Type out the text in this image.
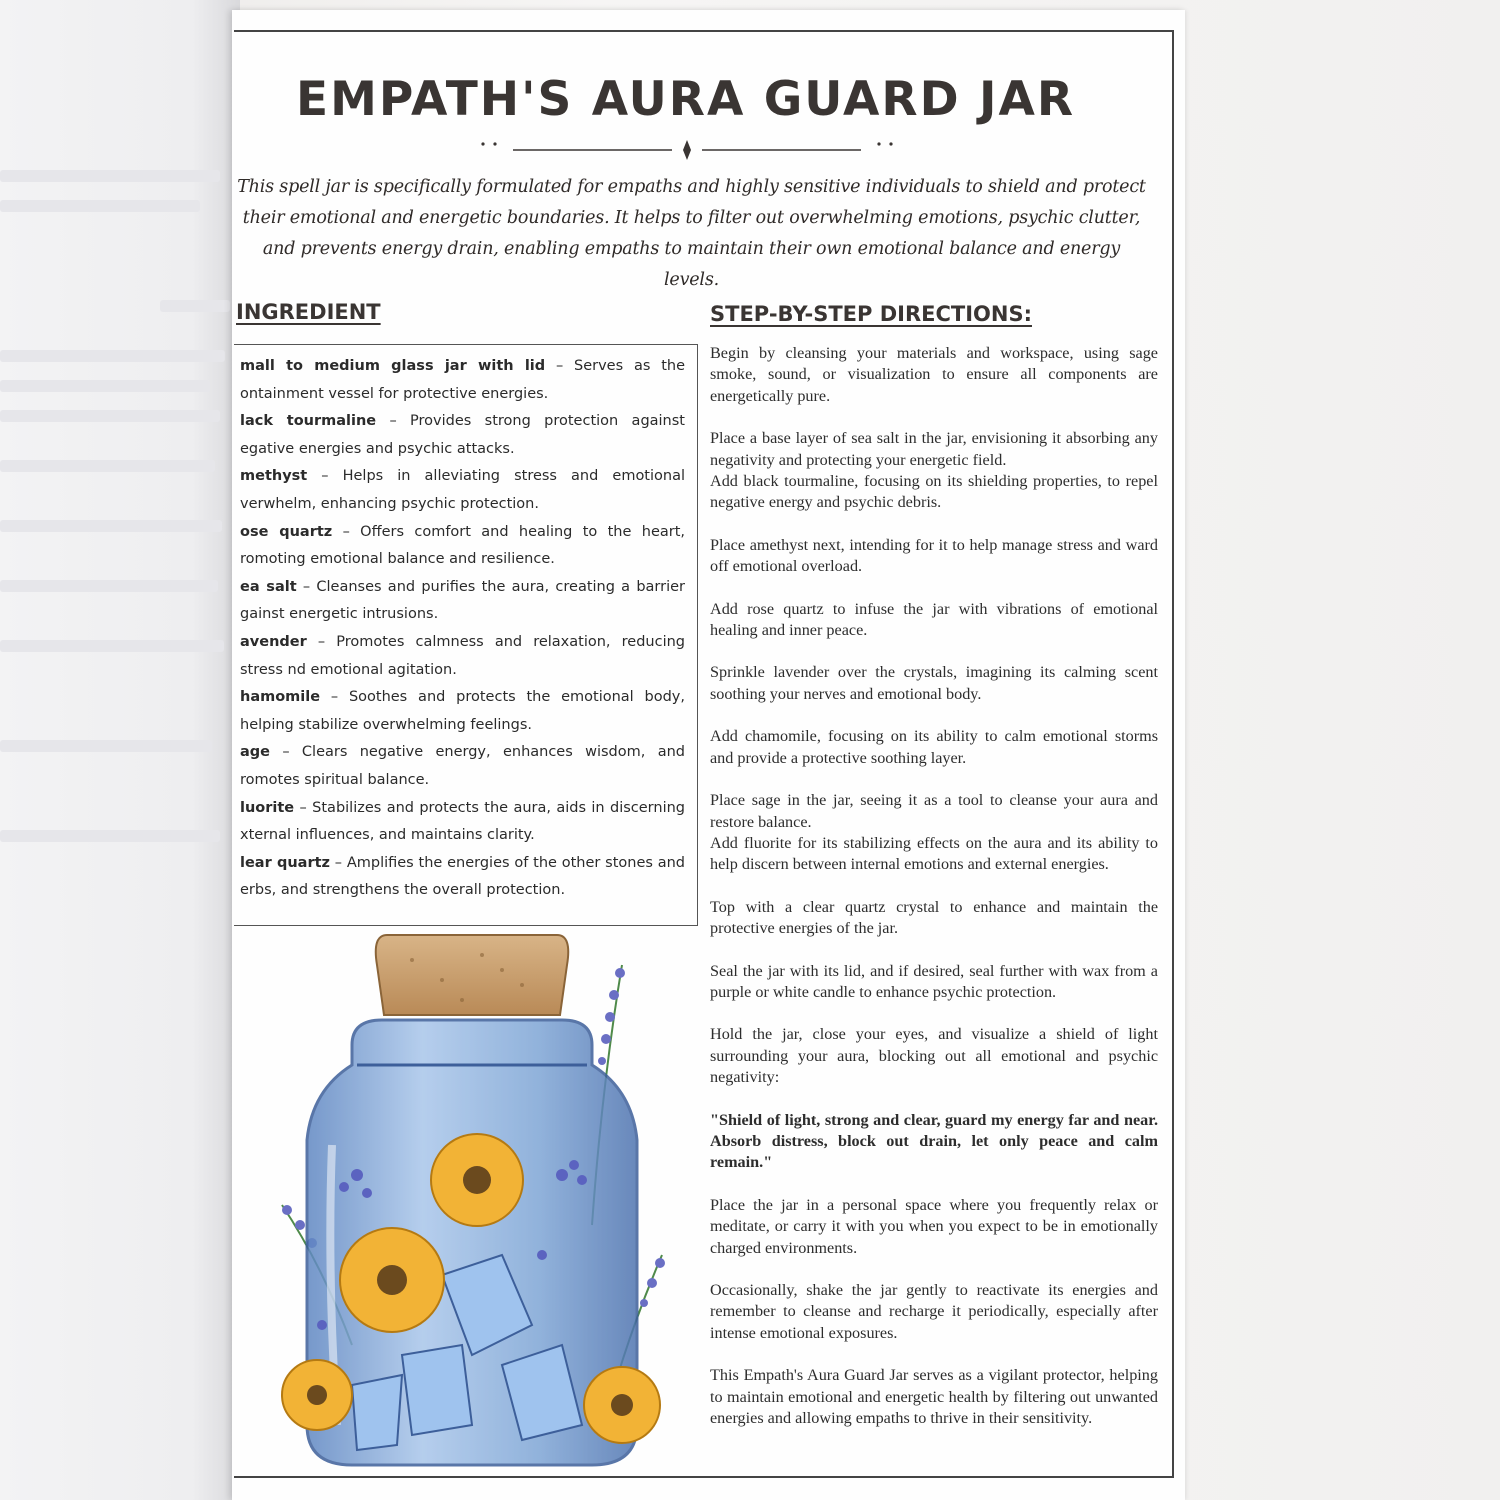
EMPATH'S AURA GUARD JAR
This spell jar is specifically formulated for empaths and highly sensitive individuals to shield and protect their emotional and energetic boundaries. It helps to filter out overwhelming emotions, psychic clutter, and prevents energy drain, enabling empaths to maintain their own emotional balance and energy levels.
INGREDIENT	STEP-BY-STEP DIRECTIONS:
mall to medium glass jar with lid – Serves as the ontainment vessel for protective energies.
lack tourmaline – Provides strong protection against egative energies and psychic attacks.
methyst – Helps in alleviating stress and emotional verwhelm, enhancing psychic protection.
ose quartz – Offers comfort and healing to the heart, romoting emotional balance and resilience.
ea salt – Cleanses and purifies the aura, creating a barrier gainst energetic intrusions.
avender – Promotes calmness and relaxation, reducing stress nd emotional agitation.
hamomile – Soothes and protects the emotional body, helping stabilize overwhelming feelings.
age – Clears negative energy, enhances wisdom, and romotes spiritual balance.
luorite – Stabilizes and protects the aura, aids in discerning xternal influences, and maintains clarity.
lear quartz – Amplifies the energies of the other stones and erbs, and strengthens the overall protection.
Begin by cleansing your materials and workspace, using sage smoke, sound, or visualization to ensure all components are energetically pure.
Place a base layer of sea salt in the jar, envisioning it absorbing any negativity and protecting your energetic field.
Add black tourmaline, focusing on its shielding properties, to repel negative energy and psychic debris.
Place amethyst next, intending for it to help manage stress and ward off emotional overload.
Add rose quartz to infuse the jar with vibrations of emotional healing and inner peace.
Sprinkle lavender over the crystals, imagining its calming scent soothing your nerves and emotional body.
Add chamomile, focusing on its ability to calm emotional storms and provide a protective soothing layer.
Place sage in the jar, seeing it as a tool to cleanse your aura and restore balance.
Add fluorite for its stabilizing effects on the aura and its ability to help discern between internal emotions and external energies.
Top with a clear quartz crystal to enhance and maintain the protective energies of the jar.
Seal the jar with its lid, and if desired, seal further with wax from a purple or white candle to enhance psychic protection.
Hold the jar, close your eyes, and visualize a shield of light surrounding your aura, blocking out all emotional and psychic negativity:
"Shield of light, strong and clear, guard my energy far and near. Absorb distress, block out drain, let only peace and calm remain."
Place the jar in a personal space where you frequently relax or meditate, or carry it with you when you expect to be in emotionally charged environments.
Occasionally, shake the jar gently to reactivate its energies and remember to cleanse and recharge it periodically, especially after intense emotional exposures.
This Empath's Aura Guard Jar serves as a vigilant protector, helping to maintain emotional and energetic health by filtering out unwanted energies and allowing empaths to thrive in their sensitivity.
